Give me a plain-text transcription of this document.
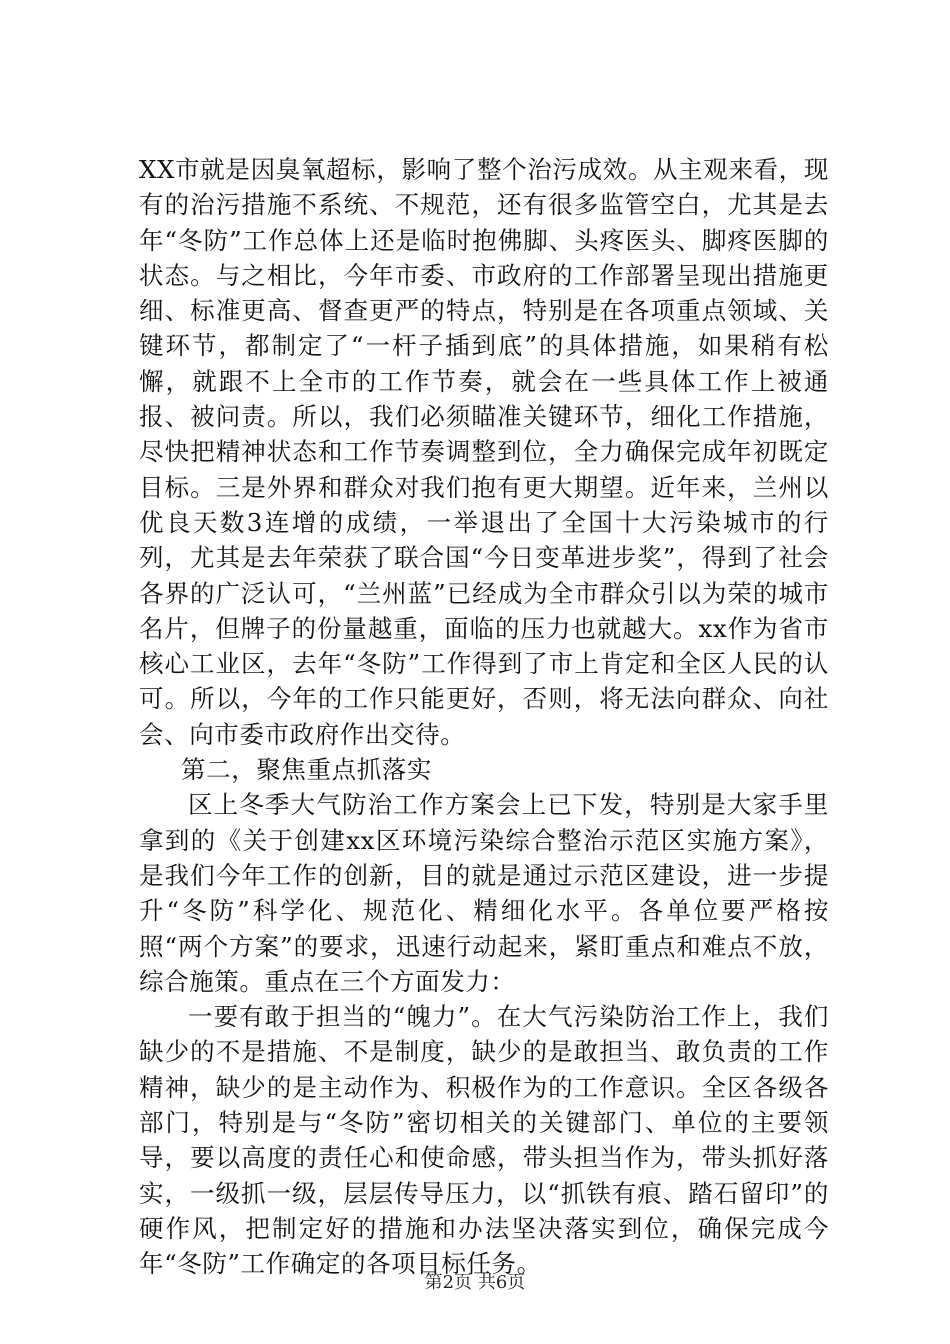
XX市就是因臭氧超标，影响了整个治污成效。从主观来看，现有的治污措施不系统、不规范，还有很多监管空白，尤其是去年“冬防”工作总体上还是临时抱佛脚、头疼医头、脚疼医脚的状态。与之相比，今年市委、市政府的工作部署呈现出措施更细、标准更高、督查更严的特点，特别是在各项重点领域、关键环节，都制定了“一杆子插到底”的具体措施，如果稍有松懈，就跟不上全市的工作节奏，就会在一些具体工作上被通报、被问责。所以，我们必须瞄准关键环节，细化工作措施，尽快把精神状态和工作节奏调整到位，全力确保完成年初既定目标。三是外界和群众对我们抱有更大期望。近年来，兰州以优良天数3连增的成绩，一举退出了全国十大污染城市的行列，尤其是去年荣获了联合国“今日变革进步奖”，得到了社会各界的广泛认可，“兰州蓝”已经成为全市群众引以为荣的城市名片，但牌子的份量越重，面临的压力也就越大。xx作为省市核心工业区，去年“冬防”工作得到了市上肯定和全区人民的认可。所以，今年的工作只能更好，否则，将无法向群众、向社会、向市委市政府作出交待。

第二，聚焦重点抓落实

区上冬季大气防治工作方案会上已下发，特别是大家手里拿到的《关于创建xx区环境污染综合整治示范区实施方案》，是我们今年工作的创新，目的就是通过示范区建设，进一步提升“冬防”科学化、规范化、精细化水平。各单位要严格按照“两个方案”的要求，迅速行动起来，紧盯重点和难点不放，综合施策。重点在三个方面发力：

一要有敢于担当的“魄力”。在大气污染防治工作上，我们缺少的不是措施、不是制度，缺少的是敢担当、敢负责的工作精神，缺少的是主动作为、积极作为的工作意识。全区各级各部门，特别是与“冬防”密切相关的关键部门、单位的主要领导，要以高度的责任心和使命感，带头担当作为，带头抓好落实，一级抓一级，层层传导压力，以“抓铁有痕、踏石留印”的硬作风，把制定好的措施和办法坚决落实到位，确保完成今年“冬防”工作确定的各项目标任务。

第2页 共6页
